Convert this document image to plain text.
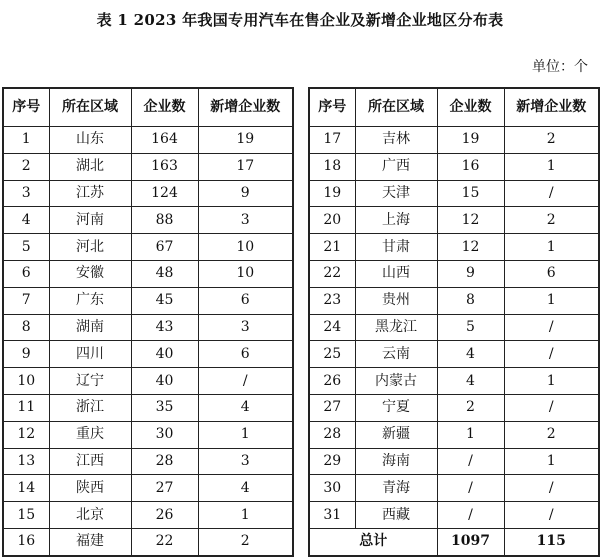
表 1 2023 年我国专用汽车在售企业及新增企业地区分布表
单位：个
序号	所在区域	企业数	新增企业数
1	山东	164	19
2	湖北	163	17
3	江苏	124	9
4	河南	88	3
5	河北	67	10
6	安徽	48	10
7	广东	45	6
8	湖南	43	3
9	四川	40	6
10	辽宁	40	/
11	浙江	35	4
12	重庆	30	1
13	江西	28	3
14	陕西	27	4
15	北京	26	1
16	福建	22	2
序号	所在区域	企业数	新增企业数
17	吉林	19	2
18	广西	16	1
19	天津	15	/
20	上海	12	2
21	甘肃	12	1
22	山西	9	6
23	贵州	8	1
24	黑龙江	5	/
25	云南	4	/
26	内蒙古	4	1
27	宁夏	2	/
28	新疆	1	2
29	海南	/	1
30	青海	/	/
31	西藏	/	/
总计		1097	115
